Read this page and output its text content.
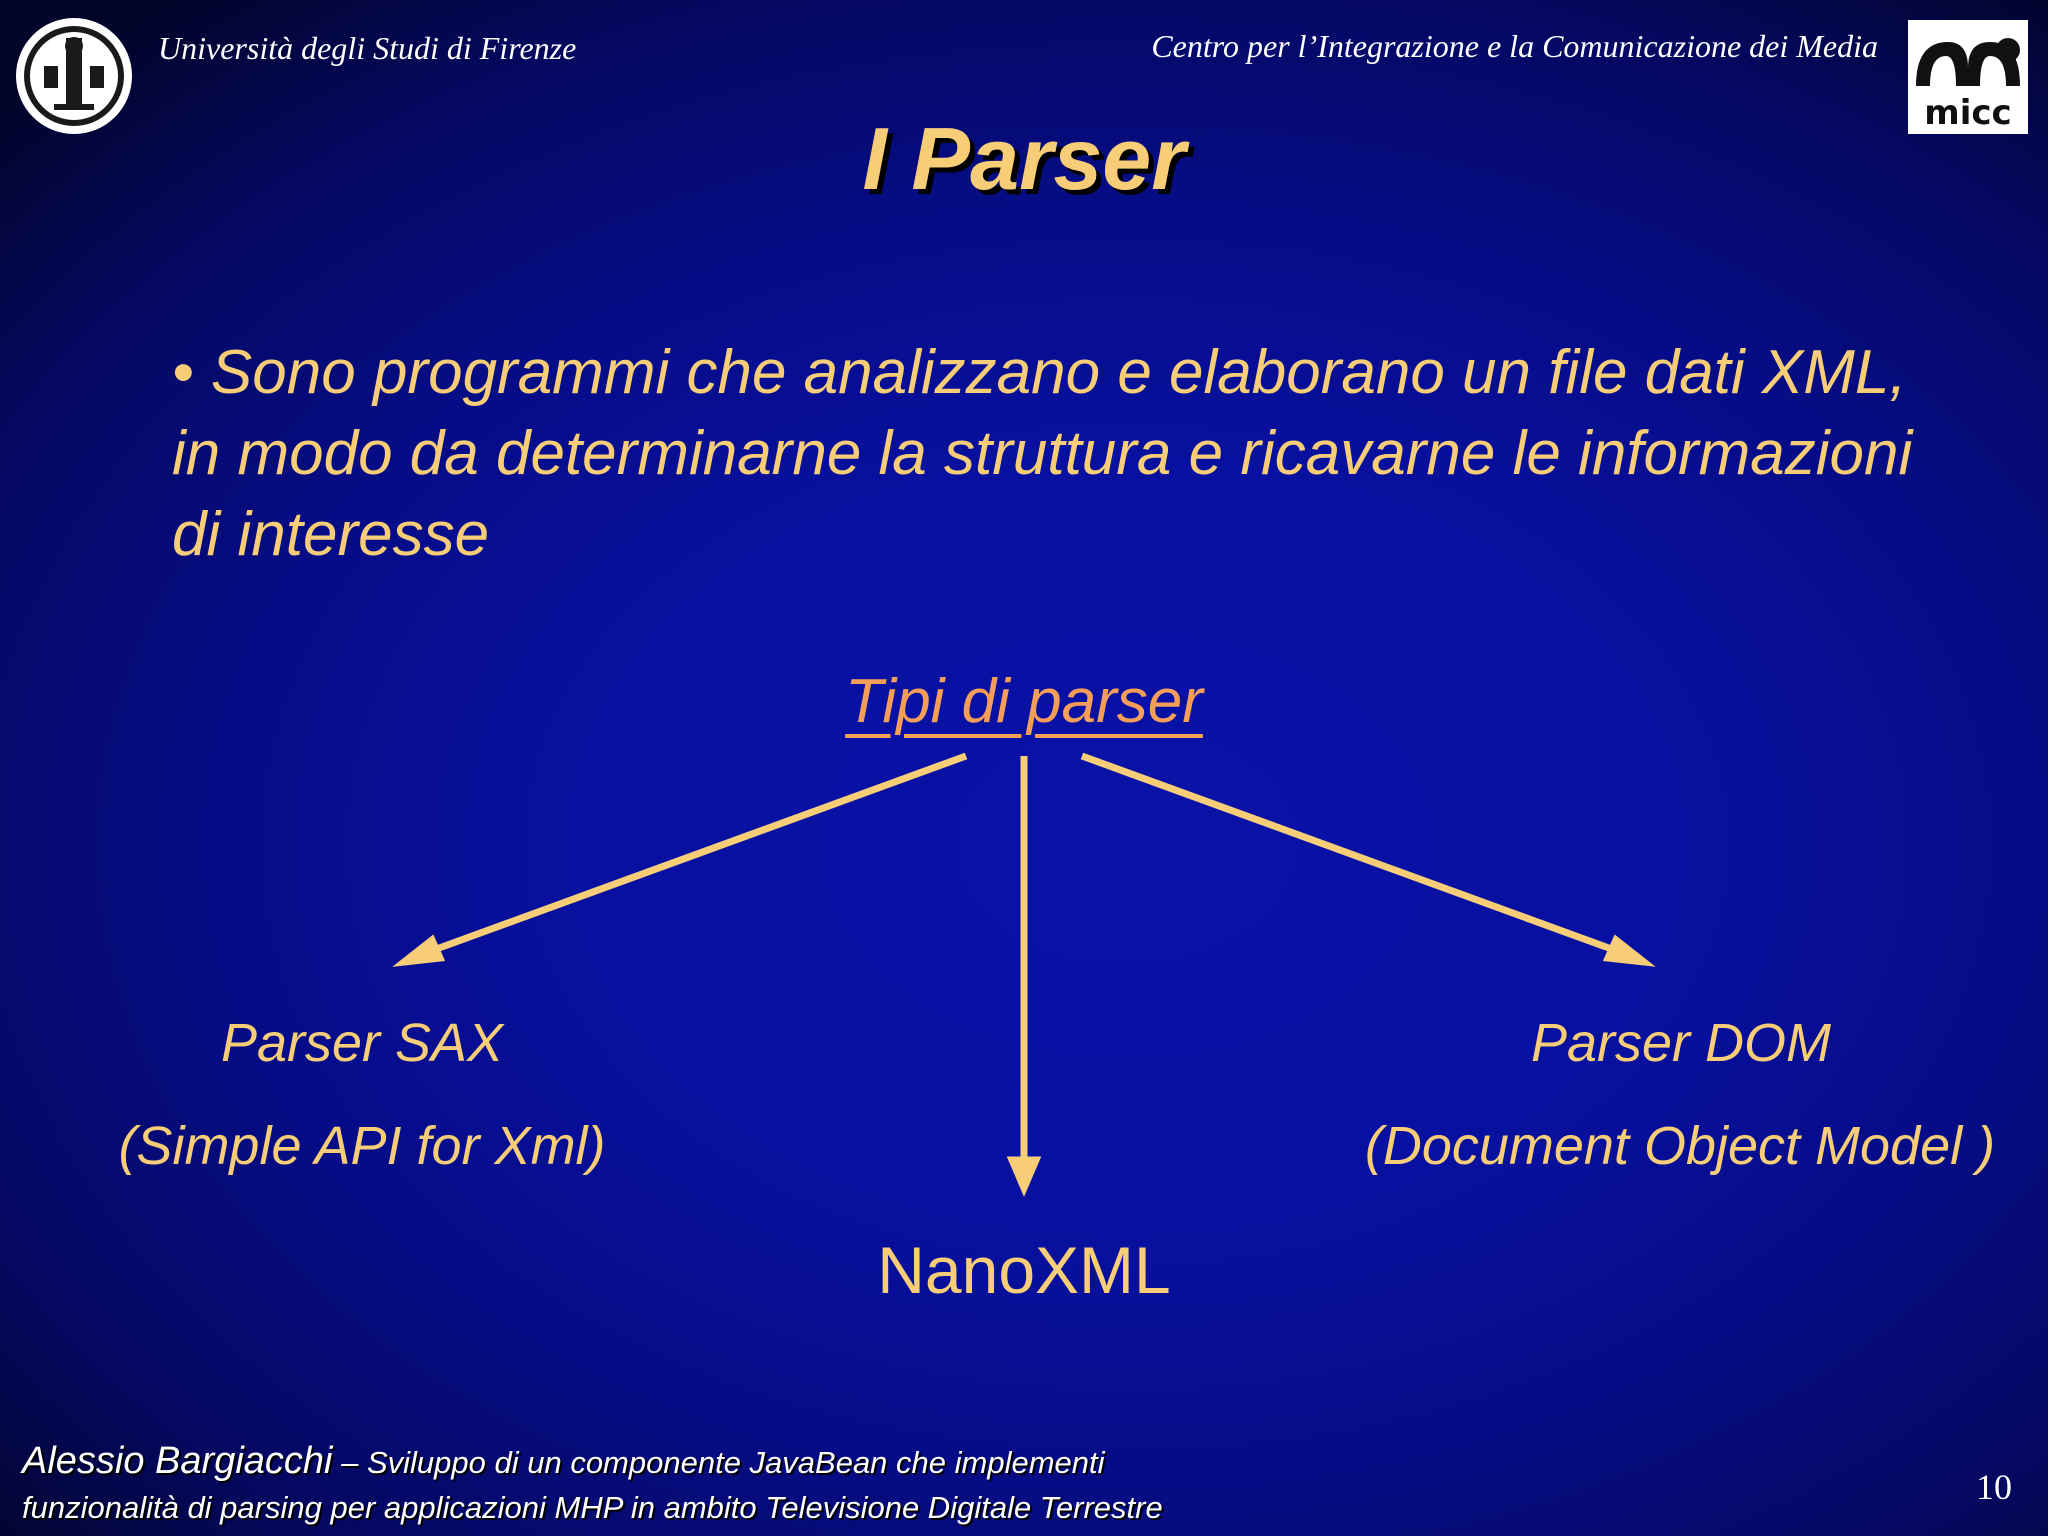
Università degli Studi di Firenze	Centro per l’Integrazione e la Comunicazione dei Media
micc
I Parser
• Sono programmi che analizzano e elaborano un file dati XML, in modo da determinarne la struttura e ricavarne le informazioni di interesse
Tipi di parser
Parser SAX
(Simple API for Xml)
Parser DOM
(Document Object Model )
NanoXML
Alessio Bargiacchi – Sviluppo di un componente JavaBean che implementi
funzionalità di parsing per applicazioni MHP in ambito Televisione Digitale Terrestre
10
